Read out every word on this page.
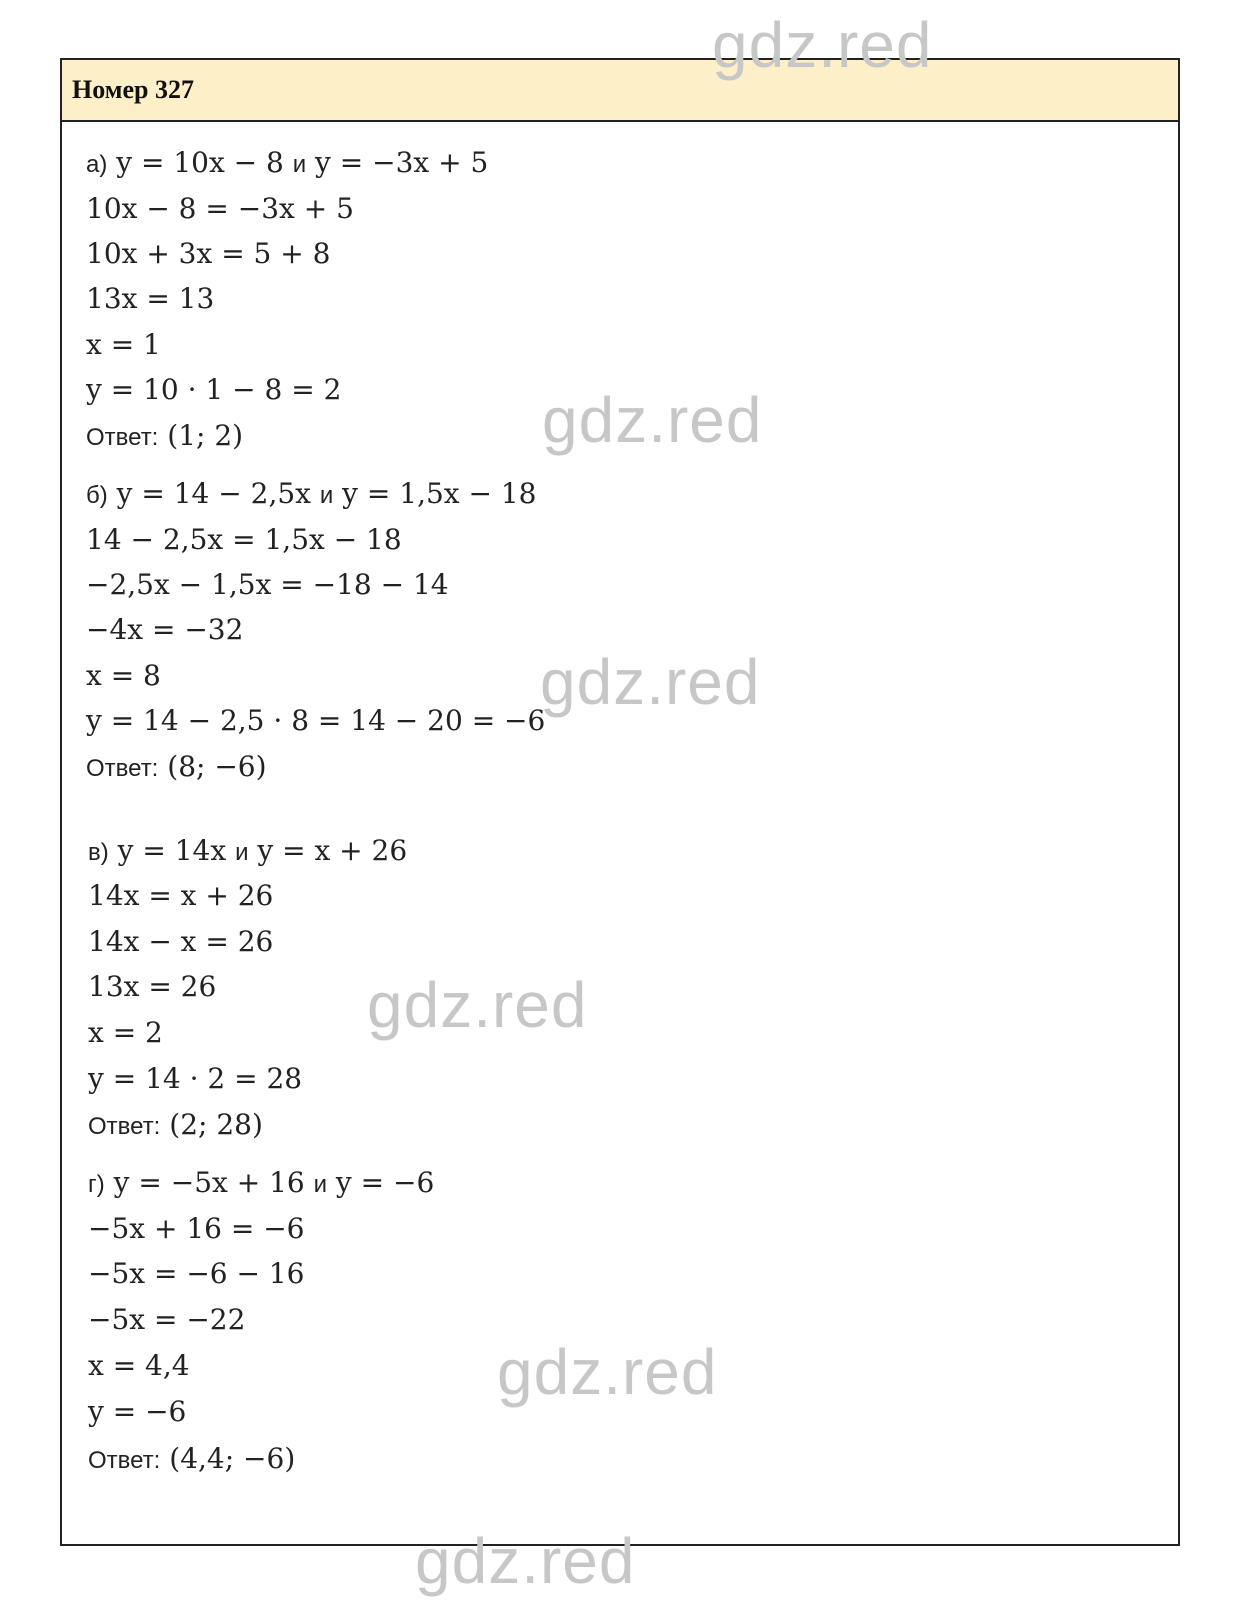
Номер 327
а) y = 10x − 8 и y = −3x + 5
10x − 8 = −3x + 5
10x + 3x = 5 + 8
13x = 13
x = 1
y = 10 · 1 − 8 = 2
Ответ: (1; 2)
б) y = 14 − 2,5x и y = 1,5x − 18
14 − 2,5x = 1,5x − 18
−2,5x − 1,5x = −18 − 14
−4x = −32
x = 8
y = 14 − 2,5 · 8 = 14 − 20 = −6
Ответ: (8; −6)
в) y = 14x и y = x + 26
14x = x + 26
14x − x = 26
13x = 26
x = 2
y = 14 · 2 = 28
Ответ: (2; 28)
г) y = −5x + 16 и y = −6
−5x + 16 = −6
−5x = −6 − 16
−5x = −22
x = 4,4
y = −6
Ответ: (4,4; −6)
gdz.red
gdz.red
gdz.red
gdz.red
gdz.red
gdz.red
